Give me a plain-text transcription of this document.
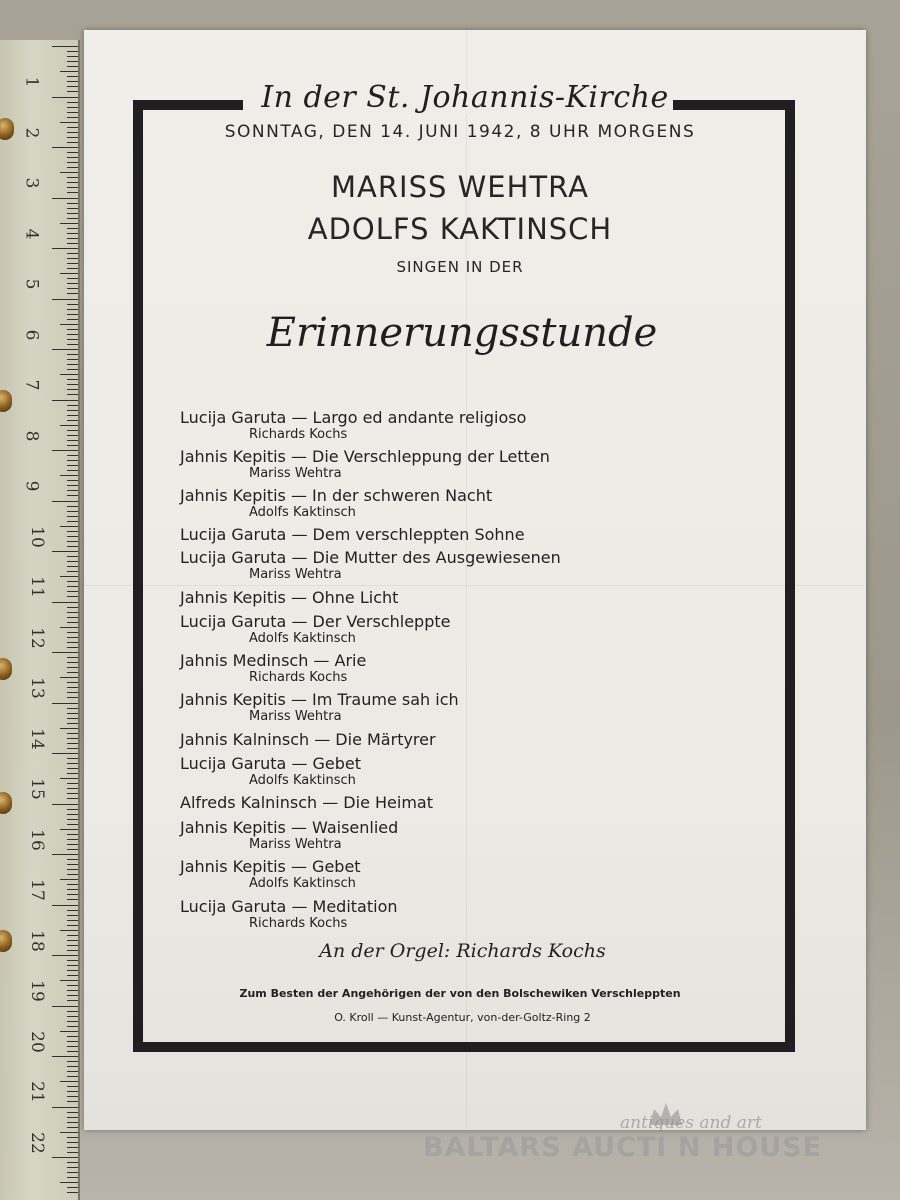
In der St. Johannis-Kirche
SONNTAG, DEN 14. JUNI 1942, 8 UHR MORGENS
MARISS WEHTRA
ADOLFS KAKTINSCH
SINGEN IN DER
Erinnerungsstunde
Lucija Garuta — Largo ed andante religioso
Richards Kochs
Jahnis Kepitis — Die Verschleppung der Letten
Mariss Wehtra
Jahnis Kepitis — In der schweren Nacht
Adolfs Kaktinsch
Lucija Garuta — Dem verschleppten Sohne
Lucija Garuta — Die Mutter des Ausgewiesenen
Mariss Wehtra
Jahnis Kepitis — Ohne Licht
Lucija Garuta — Der Verschleppte
Adolfs Kaktinsch
Jahnis Medinsch — Arie
Richards Kochs
Jahnis Kepitis — Im Traume sah ich
Mariss Wehtra
Jahnis Kalninsch — Die Märtyrer
Lucija Garuta — Gebet
Adolfs Kaktinsch
Alfreds Kalninsch — Die Heimat
Jahnis Kepitis — Waisenlied
Mariss Wehtra
Jahnis Kepitis — Gebet
Adolfs Kaktinsch
Lucija Garuta — Meditation
Richards Kochs
An der Orgel: Richards Kochs
Zum Besten der Angehörigen der von den Bolschewiken Verschleppten
O. Kroll — Kunst-Agentur, von-der-Goltz-Ring 2
1
2
3
4
5
6
7
8
9
10
11
12
13
14
15
16
17
18
19
20
21
22
antiques and art
BALTARS AUCTI N HOUSE
